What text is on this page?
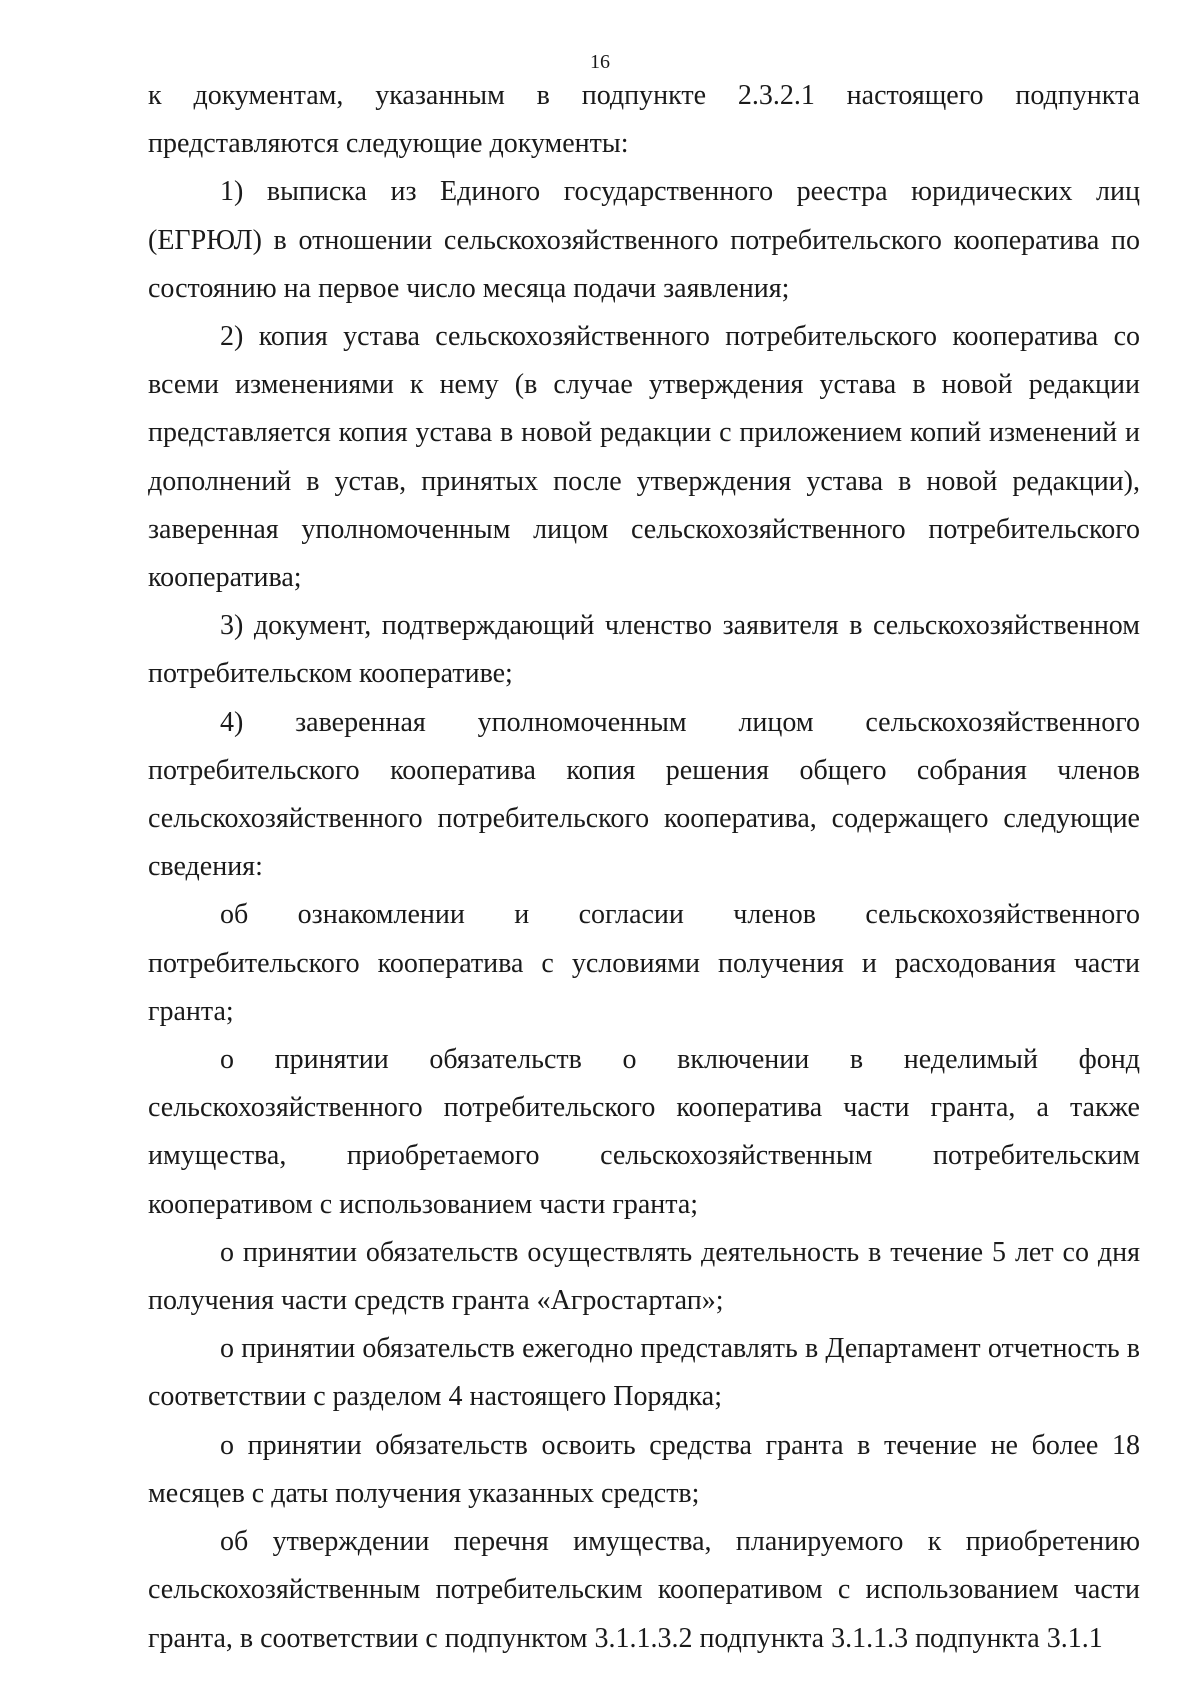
16

к документам, указанным в подпункте 2.3.2.1 настоящего подпункта представляются следующие документы:

1) выписка из Единого государственного реестра юридических лиц (ЕГРЮЛ) в отношении сельскохозяйственного потребительского кооператива по состоянию на первое число месяца подачи заявления;

2) копия устава сельскохозяйственного потребительского кооператива со всеми изменениями к нему (в случае утверждения устава в новой редакции представляется копия устава в новой редакции с приложением копий изменений и дополнений в устав, принятых после утверждения устава в новой редакции), заверенная уполномоченным лицом сельскохозяйственного потребительского кооператива;

3) документ, подтверждающий членство заявителя в сельскохозяйственном потребительском кооперативе;

4) заверенная уполномоченным лицом сельскохозяйственного потребительского кооператива копия решения общего собрания членов сельскохозяйственного потребительского кооператива, содержащего следующие сведения:

об ознакомлении и согласии членов сельскохозяйственного потребительского кооператива с условиями получения и расходования части гранта;

о принятии обязательств о включении в неделимый фонд сельскохозяйственного потребительского кооператива части гранта, а также имущества, приобретаемого сельскохозяйственным потребительским кооперативом с использованием части гранта;

о принятии обязательств осуществлять деятельность в течение 5 лет со дня получения части средств гранта «Агростартап»;

о принятии обязательств ежегодно представлять в Департамент отчетность в соответствии с разделом 4 настоящего Порядка;

о принятии обязательств освоить средства гранта в течение не более 18 месяцев с даты получения указанных средств;

об утверждении перечня имущества, планируемого к приобретению сельскохозяйственным потребительским кооперативом с использованием части гранта, в соответствии с подпунктом 3.1.1.3.2 подпункта 3.1.1.3 подпункта 3.1.1
